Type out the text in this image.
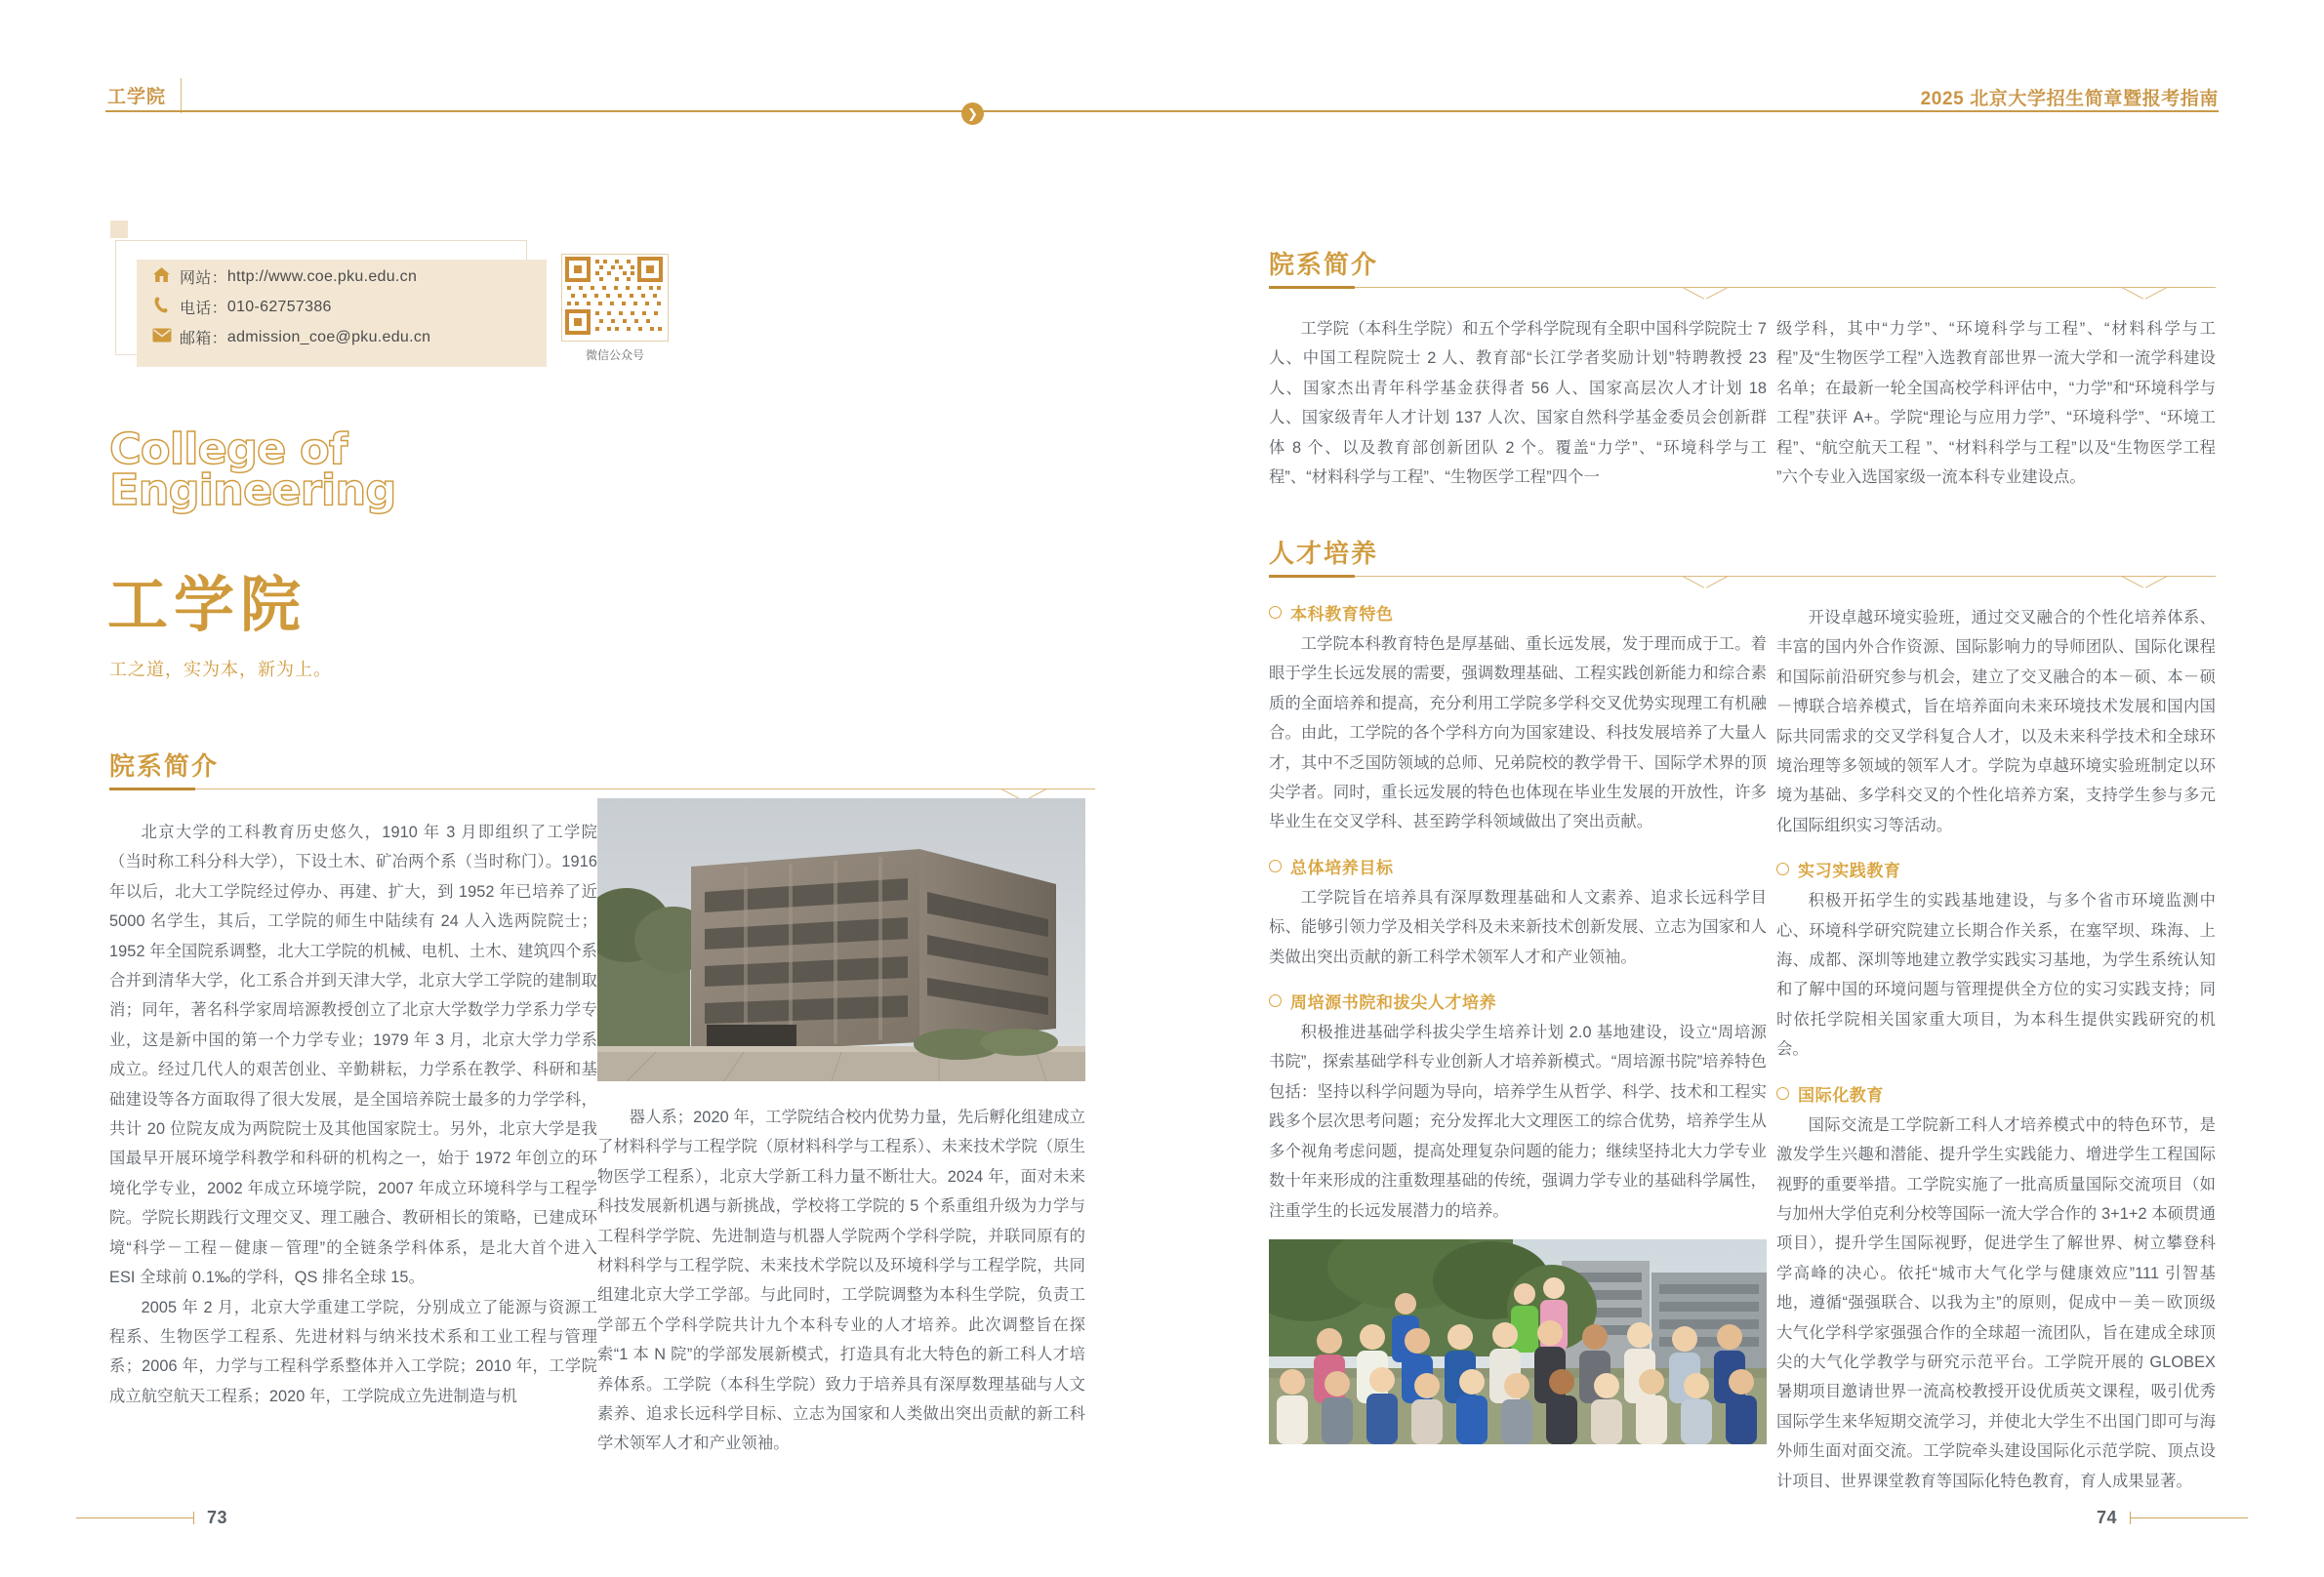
工学院
❯
2025 北京大学招生简章暨报考指南
网站： http://www.coe.pku.edu.cn
电话： 010-62757386
邮箱： admission_coe@pku.edu.cn
微信公众号
College of
Engineering
工学院
工之道，实为本，新为上。
院系简介

北京大学的工科教育历史悠久，1910 年 3 月即组织了工学院（当时称工科分科大学），下设土木、矿冶两个系（当时称门）。1916 年以后，北大工学院经过停办、再建、扩大，到 1952 年已培养了近 5000 名学生，其后，工学院的师生中陆续有 24 人入选两院院士；1952 年全国院系调整，北大工学院的机械、电机、土木、建筑四个系合并到清华大学，化工系合并到天津大学，北京大学工学院的建制取消；同年，著名科学家周培源教授创立了北京大学数学力学系力学专业，这是新中国的第一个力学专业；1979 年 3 月，北京大学力学系成立。经过几代人的艰苦创业、辛勤耕耘，力学系在教学、科研和基础建设等各方面取得了很大发展，是全国培养院士最多的力学学科，共计 20 位院友成为两院院士及其他国家院士。另外，北京大学是我国最早开展环境学科教学和科研的机构之一，始于 1972 年创立的环境化学专业，2002 年成立环境学院，2007 年成立环境科学与工程学院。学院长期践行文理交叉、理工融合、教研相长的策略，已建成环境“科学－工程－健康－管理”的全链条学科体系，是北大首个进入 ESI 全球前 0.1‰的学科，QS 排名全球 15。

2005 年 2 月，北京大学重建工学院，分别成立了能源与资源工程系、生物医学工程系、先进材料与纳米技术系和工业工程与管理系；2006 年，力学与工程科学系整体并入工学院；2010 年，工学院成立航空航天工程系；2020 年，工学院成立先进制造与机

器人系；2020 年，工学院结合校内优势力量，先后孵化组建成立了材料科学与工程学院（原材料科学与工程系）、未来技术学院（原生物医学工程系），北京大学新工科力量不断壮大。2024 年，面对未来科技发展新机遇与新挑战，学校将工学院的 5 个系重组升级为力学与工程科学学院、先进制造与机器人学院两个学科学院，并联同原有的材料科学与工程学院、未来技术学院以及环境科学与工程学院，共同组建北京大学工学部。与此同时，工学院调整为本科生学院，负责工学部五个学科学院共计九个本科专业的人才培养。此次调整旨在探索“1 本 N 院”的学部发展新模式，打造具有北大特色的新工科人才培养体系。工学院（本科生学院）致力于培养具有深厚数理基础与人文素养、追求长远科学目标、立志为国家和人类做出突出贡献的新工科学术领军人才和产业领袖。

院系简介

工学院（本科生学院）和五个学科学院现有全职中国科学院院士 7 人、中国工程院院士 2 人、教育部“长江学者奖励计划”特聘教授 23 人、国家杰出青年科学基金获得者 56 人、国家高层次人才计划 18 人、国家级青年人才计划 137 人次、国家自然科学基金委员会创新群体 8 个、以及教育部创新团队 2 个。覆盖“力学”、“环境科学与工程”、“材料科学与工程”、“生物医学工程”四个一

级学科，其中“力学”、“环境科学与工程”、“材料科学与工程”及“生物医学工程”入选教育部世界一流大学和一流学科建设名单；在最新一轮全国高校学科评估中，“力学”和“环境科学与工程”获评 A+。学院“理论与应用力学”、“环境科学”、“环境工程”、“航空航天工程 ”、“材料科学与工程”以及“生物医学工程 ”六个专业入选国家级一流本科专业建设点。

人才培养
本科教育特色

工学院本科教育特色是厚基础、重长远发展，发于理而成于工。着眼于学生长远发展的需要，强调数理基础、工程实践创新能力和综合素质的全面培养和提高，充分利用工学院多学科交叉优势实现理工有机融合。由此，工学院的各个学科方向为国家建设、科技发展培养了大量人才，其中不乏国防领域的总师、兄弟院校的教学骨干、国际学术界的顶尖学者。同时，重长远发展的特色也体现在毕业生发展的开放性，许多毕业生在交叉学科、甚至跨学科领域做出了突出贡献。

总体培养目标

工学院旨在培养具有深厚数理基础和人文素养、追求长远科学目标、能够引领力学及相关学科及未来新技术创新发展、立志为国家和人类做出突出贡献的新工科学术领军人才和产业领袖。

周培源书院和拔尖人才培养

积极推进基础学科拔尖学生培养计划 2.0 基地建设，设立“周培源书院”，探索基础学科专业创新人才培养新模式。“周培源书院”培养特色包括：坚持以科学问题为导向，培养学生从哲学、科学、技术和工程实践多个层次思考问题；充分发挥北大文理医工的综合优势，培养学生从多个视角考虑问题，提高处理复杂问题的能力；继续坚持北大力学专业数十年来形成的注重数理基础的传统，强调力学专业的基础科学属性，注重学生的长远发展潜力的培养。

开设卓越环境实验班，通过交叉融合的个性化培养体系、丰富的国内外合作资源、国际影响力的导师团队、国际化课程和国际前沿研究参与机会，建立了交叉融合的本－硕、本－硕－博联合培养模式，旨在培养面向未来环境技术发展和国内国际共同需求的交叉学科复合人才，以及未来科学技术和全球环境治理等多领域的领军人才。学院为卓越环境实验班制定以环境为基础、多学科交叉的个性化培养方案，支持学生参与多元化国际组织实习等活动。

实习实践教育

积极开拓学生的实践基地建设，与多个省市环境监测中心、环境科学研究院建立长期合作关系，在塞罕坝、珠海、上海、成都、深圳等地建立教学实践实习基地，为学生系统认知和了解中国的环境问题与管理提供全方位的实习实践支持；同时依托学院相关国家重大项目，为本科生提供实践研究的机会。

国际化教育

国际交流是工学院新工科人才培养模式中的特色环节，是激发学生兴趣和潜能、提升学生实践能力、增进学生工程国际视野的重要举措。工学院实施了一批高质量国际交流项目（如与加州大学伯克利分校等国际一流大学合作的 3+1+2 本硕贯通项目），提升学生国际视野，促进学生了解世界、树立攀登科学高峰的决心。依托“城市大气化学与健康效应”111 引智基地，遵循“强强联合、以我为主”的原则，促成中－美－欧顶级大气化学科学家强强合作的全球超一流团队，旨在建成全球顶尖的大气化学教学与研究示范平台。工学院开展的 GLOBEX 暑期项目邀请世界一流高校教授开设优质英文课程，吸引优秀国际学生来华短期交流学习，并使北大学生不出国门即可与海外师生面对面交流。工学院牵头建设国际化示范学院、顶点设计项目、世界课堂教育等国际化特色教育，育人成果显著。

73	74
